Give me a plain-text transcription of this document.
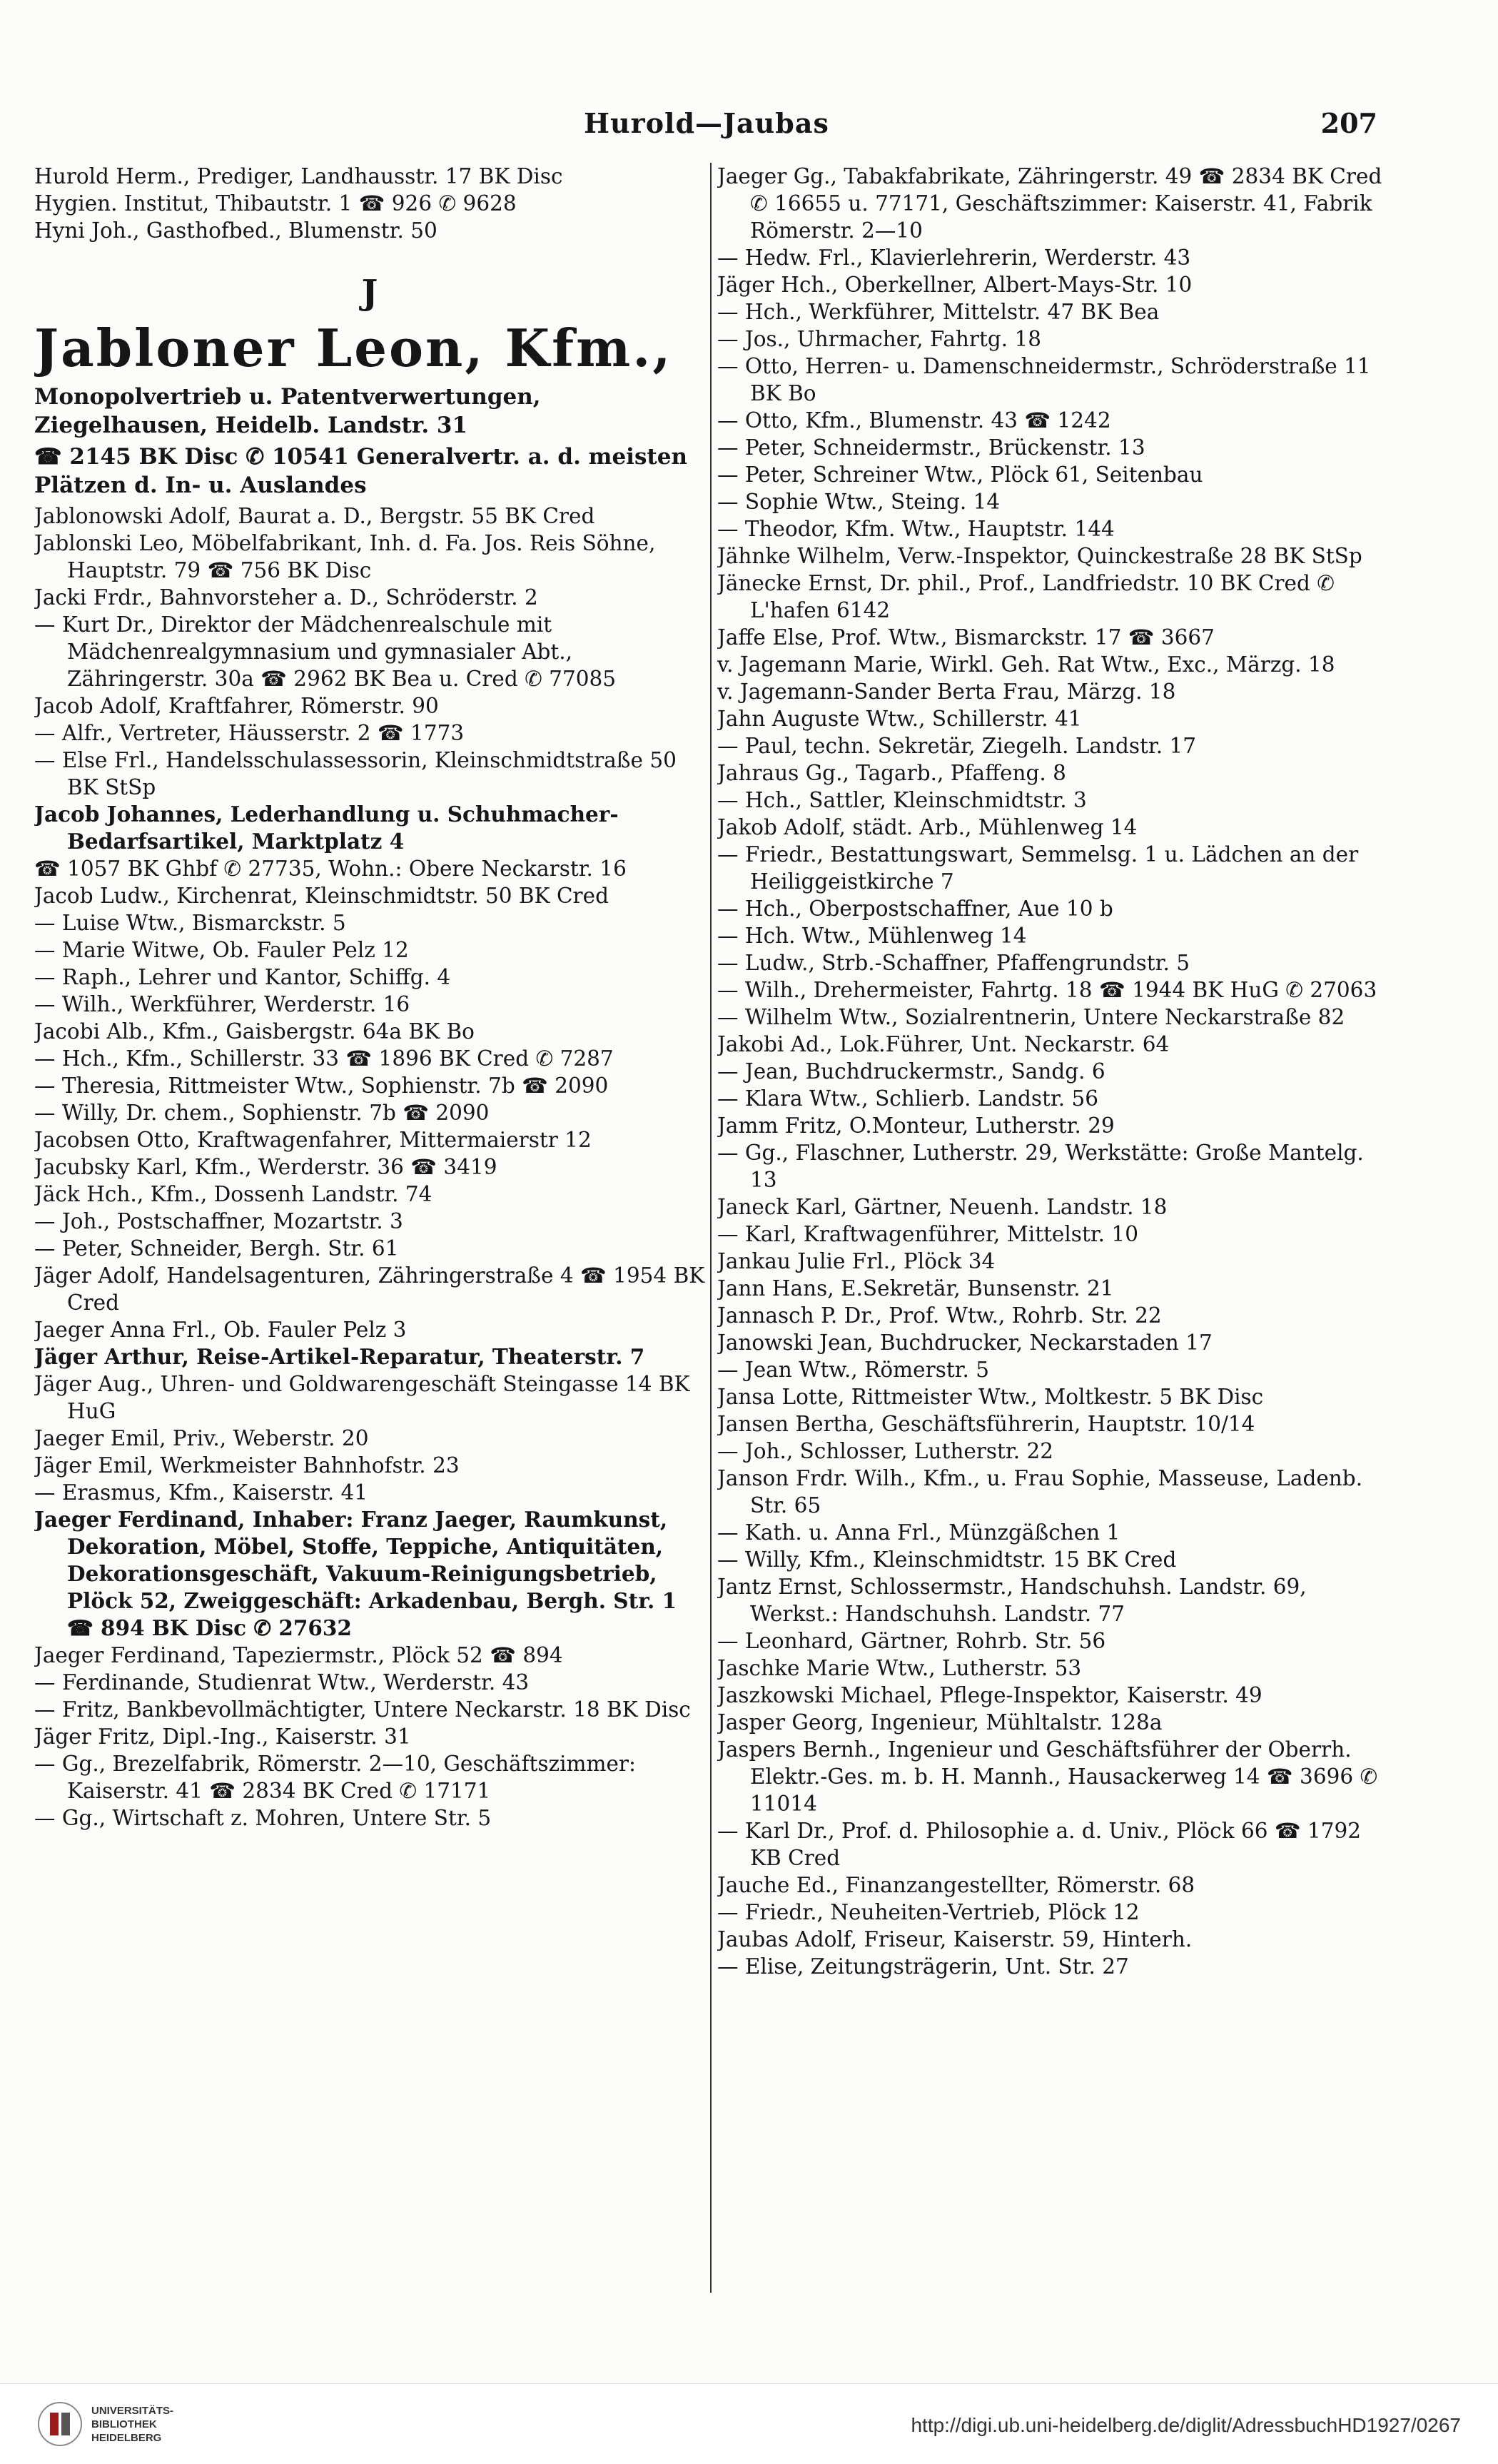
Hurold—Jaubas	207

Hurold Herm., Prediger, Landhausstr. 17 BK Disc

Hygien. Institut, Thibautstr. 1 ☎ 926 ✆ 9628

Hyni Joh., Gasthofbed., Blumenstr. 50

J
Jabloner Leon, Kfm.,

Monopolvertrieb u. Patentverwertungen, Ziegelhausen, Heidelb. Landstr. 31

☎ 2145 BK Disc ✆ 10541 Generalvertr. a. d. meisten Plätzen d. In- u. Auslandes

Jablonowski Adolf, Baurat a. D., Bergstr. 55 BK Cred

Jablonski Leo, Möbelfabrikant, Inh. d. Fa. Jos. Reis Söhne, Hauptstr. 79 ☎ 756 BK Disc

Jacki Frdr., Bahnvorsteher a. D., Schröderstr. 2

— Kurt Dr., Direktor der Mädchenrealschule mit Mädchenrealgymnasium und gymnasialer Abt., Zähringerstr. 30a ☎ 2962 BK Bea u. Cred ✆ 77085

Jacob Adolf, Kraftfahrer, Römerstr. 90

— Alfr., Vertreter, Häusserstr. 2 ☎ 1773

— Else Frl., Handelsschulassessorin, Kleinschmidtstraße 50 BK StSp

Jacob Johannes, Lederhandlung u. Schuhmacher-Bedarfsartikel, Marktplatz 4

☎ 1057 BK Ghbf ✆ 27735, Wohn.: Obere Neckarstr. 16

Jacob Ludw., Kirchenrat, Kleinschmidtstr. 50 BK Cred

— Luise Wtw., Bismarckstr. 5

— Marie Witwe, Ob. Fauler Pelz 12

— Raph., Lehrer und Kantor, Schiffg. 4

— Wilh., Werkführer, Werderstr. 16

Jacobi Alb., Kfm., Gaisbergstr. 64a BK Bo

— Hch., Kfm., Schillerstr. 33 ☎ 1896 BK Cred ✆ 7287

— Theresia, Rittmeister Wtw., Sophienstr. 7b ☎ 2090

— Willy, Dr. chem., Sophienstr. 7b ☎ 2090

Jacobsen Otto, Kraftwagenfahrer, Mittermaierstr 12

Jacubsky Karl, Kfm., Werderstr. 36 ☎ 3419

Jäck Hch., Kfm., Dossenh Landstr. 74

— Joh., Postschaffner, Mozartstr. 3

— Peter, Schneider, Bergh. Str. 61

Jäger Adolf, Handelsagenturen, Zähringerstraße 4 ☎ 1954 BK Cred

Jaeger Anna Frl., Ob. Fauler Pelz 3

Jäger Arthur, Reise-Artikel-Reparatur, Theaterstr. 7

Jäger Aug., Uhren- und Goldwarengeschäft Steingasse 14 BK HuG

Jaeger Emil, Priv., Weberstr. 20

Jäger Emil, Werkmeister Bahnhofstr. 23

— Erasmus, Kfm., Kaiserstr. 41

Jaeger Ferdinand, Inhaber: Franz Jaeger, Raumkunst, Dekoration, Möbel, Stoffe, Teppiche, Antiquitäten, Dekorationsgeschäft, Vakuum-Reinigungsbetrieb, Plöck 52, Zweiggeschäft: Arkadenbau, Bergh. Str. 1 ☎ 894 BK Disc ✆ 27632

Jaeger Ferdinand, Tapeziermstr., Plöck 52 ☎ 894

— Ferdinande, Studienrat Wtw., Werderstr. 43

— Fritz, Bankbevollmächtigter, Untere Neckarstr. 18 BK Disc

Jäger Fritz, Dipl.-Ing., Kaiserstr. 31

— Gg., Brezelfabrik, Römerstr. 2—10, Geschäftszimmer: Kaiserstr. 41 ☎ 2834 BK Cred ✆ 17171

— Gg., Wirtschaft z. Mohren, Untere Str. 5

Jaeger Gg., Tabakfabrikate, Zähringerstr. 49 ☎ 2834 BK Cred ✆ 16655 u. 77171, Geschäftszimmer: Kaiserstr. 41, Fabrik Römerstr. 2—10

— Hedw. Frl., Klavierlehrerin, Werderstr. 43

Jäger Hch., Oberkellner, Albert-Mays-Str. 10

— Hch., Werkführer, Mittelstr. 47 BK Bea

— Jos., Uhrmacher, Fahrtg. 18

— Otto, Herren- u. Damenschneidermstr., Schröderstraße 11 BK Bo

— Otto, Kfm., Blumenstr. 43 ☎ 1242

— Peter, Schneidermstr., Brückenstr. 13

— Peter, Schreiner Wtw., Plöck 61, Seitenbau

— Sophie Wtw., Steing. 14

— Theodor, Kfm. Wtw., Hauptstr. 144

Jähnke Wilhelm, Verw.-Inspektor, Quinckestraße 28 BK StSp

Jänecke Ernst, Dr. phil., Prof., Landfriedstr. 10 BK Cred ✆ L'hafen 6142

Jaffe Else, Prof. Wtw., Bismarckstr. 17 ☎ 3667

v. Jagemann Marie, Wirkl. Geh. Rat Wtw., Exc., Märzg. 18

v. Jagemann-Sander Berta Frau, Märzg. 18

Jahn Auguste Wtw., Schillerstr. 41

— Paul, techn. Sekretär, Ziegelh. Landstr. 17

Jahraus Gg., Tagarb., Pfaffeng. 8

— Hch., Sattler, Kleinschmidtstr. 3

Jakob Adolf, städt. Arb., Mühlenweg 14

— Friedr., Bestattungswart, Semmelsg. 1 u. Lädchen an der Heiliggeistkirche 7

— Hch., Oberpostschaffner, Aue 10 b

— Hch. Wtw., Mühlenweg 14

— Ludw., Strb.-Schaffner, Pfaffengrundstr. 5

— Wilh., Drehermeister, Fahrtg. 18 ☎ 1944 BK HuG ✆ 27063

— Wilhelm Wtw., Sozialrentnerin, Untere Neckarstraße 82

Jakobi Ad., Lok.Führer, Unt. Neckarstr. 64

— Jean, Buchdruckermstr., Sandg. 6

— Klara Wtw., Schlierb. Landstr. 56

Jamm Fritz, O.Monteur, Lutherstr. 29

— Gg., Flaschner, Lutherstr. 29, Werkstätte: Große Mantelg. 13

Janeck Karl, Gärtner, Neuenh. Landstr. 18

— Karl, Kraftwagenführer, Mittelstr. 10

Jankau Julie Frl., Plöck 34

Jann Hans, E.Sekretär, Bunsenstr. 21

Jannasch P. Dr., Prof. Wtw., Rohrb. Str. 22

Janowski Jean, Buchdrucker, Neckarstaden 17

— Jean Wtw., Römerstr. 5

Jansa Lotte, Rittmeister Wtw., Moltkestr. 5 BK Disc

Jansen Bertha, Geschäftsführerin, Hauptstr. 10/14

— Joh., Schlosser, Lutherstr. 22

Janson Frdr. Wilh., Kfm., u. Frau Sophie, Masseuse, Ladenb. Str. 65

— Kath. u. Anna Frl., Münzgäßchen 1

— Willy, Kfm., Kleinschmidtstr. 15 BK Cred

Jantz Ernst, Schlossermstr., Handschuhsh. Landstr. 69, Werkst.: Handschuhsh. Landstr. 77

— Leonhard, Gärtner, Rohrb. Str. 56

Jaschke Marie Wtw., Lutherstr. 53

Jaszkowski Michael, Pflege-Inspektor, Kaiserstr. 49

Jasper Georg, Ingenieur, Mühltalstr. 128a

Jaspers Bernh., Ingenieur und Geschäftsführer der Oberrh. Elektr.-Ges. m. b. H. Mannh., Hausackerweg 14 ☎ 3696 ✆ 11014

— Karl Dr., Prof. d. Philosophie a. d. Univ., Plöck 66 ☎ 1792 KB Cred

Jauche Ed., Finanzangestellter, Römerstr. 68

— Friedr., Neuheiten-Vertrieb, Plöck 12

Jaubas Adolf, Friseur, Kaiserstr. 59, Hinterh.

— Elise, Zeitungsträgerin, Unt. Str. 27

UNIVERSITÄTS-
BIBLIOTHEK
HEIDELBERG
http://digi.ub.uni-heidelberg.de/diglit/AdressbuchHD1927/0267
